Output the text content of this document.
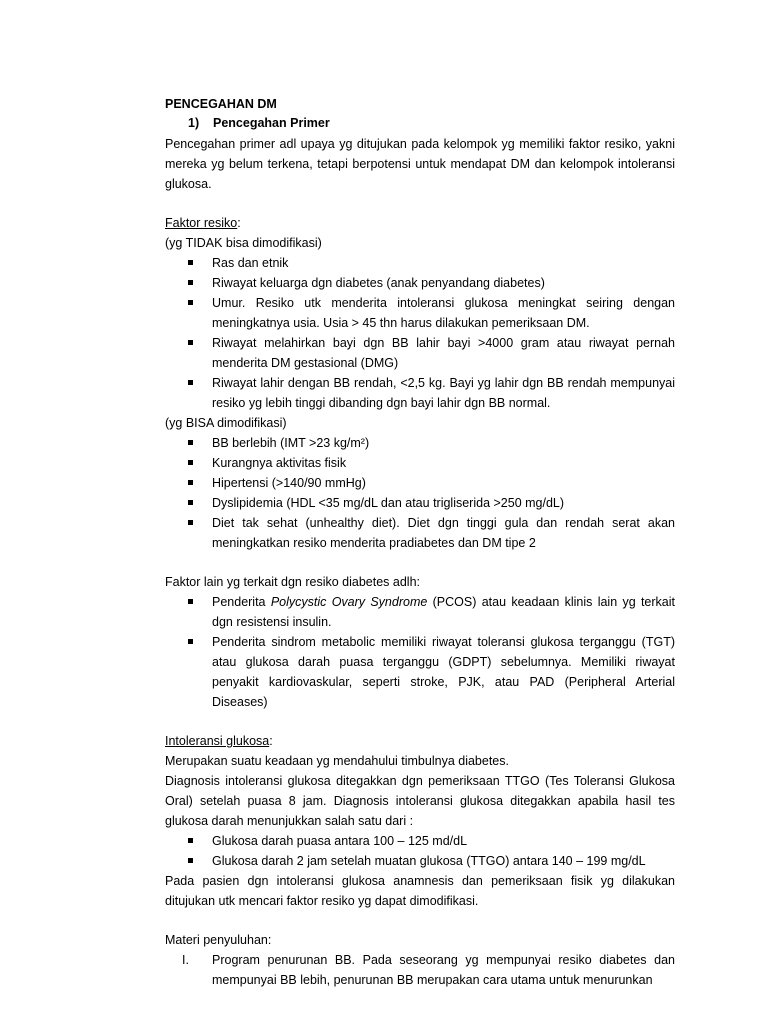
PENCEGAHAN DM
1) Pencegahan Primer
Pencegahan primer adl upaya yg ditujukan pada kelompok yg memiliki faktor resiko, yakni mereka yg belum terkena, tetapi berpotensi untuk mendapat DM dan kelompok intoleransi glukosa.
Faktor resiko:
(yg TIDAK bisa dimodifikasi)
Ras dan etnik
Riwayat keluarga dgn diabetes (anak penyandang diabetes)
Umur. Resiko utk menderita intoleransi glukosa meningkat seiring dengan meningkatnya usia. Usia > 45 thn harus dilakukan pemeriksaan DM.
Riwayat melahirkan bayi dgn BB lahir bayi >4000 gram atau riwayat pernah menderita DM gestasional (DMG)
Riwayat lahir dengan BB rendah, <2,5 kg. Bayi yg lahir dgn BB rendah mempunyai resiko yg lebih tinggi dibanding dgn bayi lahir dgn BB normal.
(yg BISA dimodifikasi)
BB berlebih (IMT >23 kg/m²)
Kurangnya aktivitas fisik
Hipertensi (>140/90 mmHg)
Dyslipidemia (HDL <35 mg/dL dan atau trigliserida >250 mg/dL)
Diet tak sehat (unhealthy diet). Diet dgn tinggi gula dan rendah serat akan meningkatkan resiko menderita pradiabetes dan DM tipe 2
Faktor lain yg terkait dgn resiko diabetes adlh:
Penderita Polycystic Ovary Syndrome (PCOS) atau keadaan klinis lain yg terkait dgn resistensi insulin.
Penderita sindrom metabolic memiliki riwayat toleransi glukosa terganggu (TGT) atau glukosa darah puasa terganggu (GDPT) sebelumnya. Memiliki riwayat penyakit kardiovaskular, seperti stroke, PJK, atau PAD (Peripheral Arterial Diseases)
Intoleransi glukosa:
Merupakan suatu keadaan yg mendahului timbulnya diabetes.
Diagnosis intoleransi glukosa ditegakkan dgn pemeriksaan TTGO (Tes Toleransi Glukosa Oral) setelah puasa 8 jam. Diagnosis intoleransi glukosa ditegakkan apabila hasil tes glukosa darah menunjukkan salah satu dari :
Glukosa darah puasa antara 100 – 125 md/dL
Glukosa darah 2 jam setelah muatan glukosa (TTGO) antara 140 – 199 mg/dL
Pada pasien dgn intoleransi glukosa anamnesis dan pemeriksaan fisik yg dilakukan ditujukan utk mencari faktor resiko yg dapat dimodifikasi.
Materi penyuluhan:
I. Program penurunan BB. Pada seseorang yg mempunyai resiko diabetes dan mempunyai BB lebih, penurunan BB merupakan cara utama untuk menurunkan
